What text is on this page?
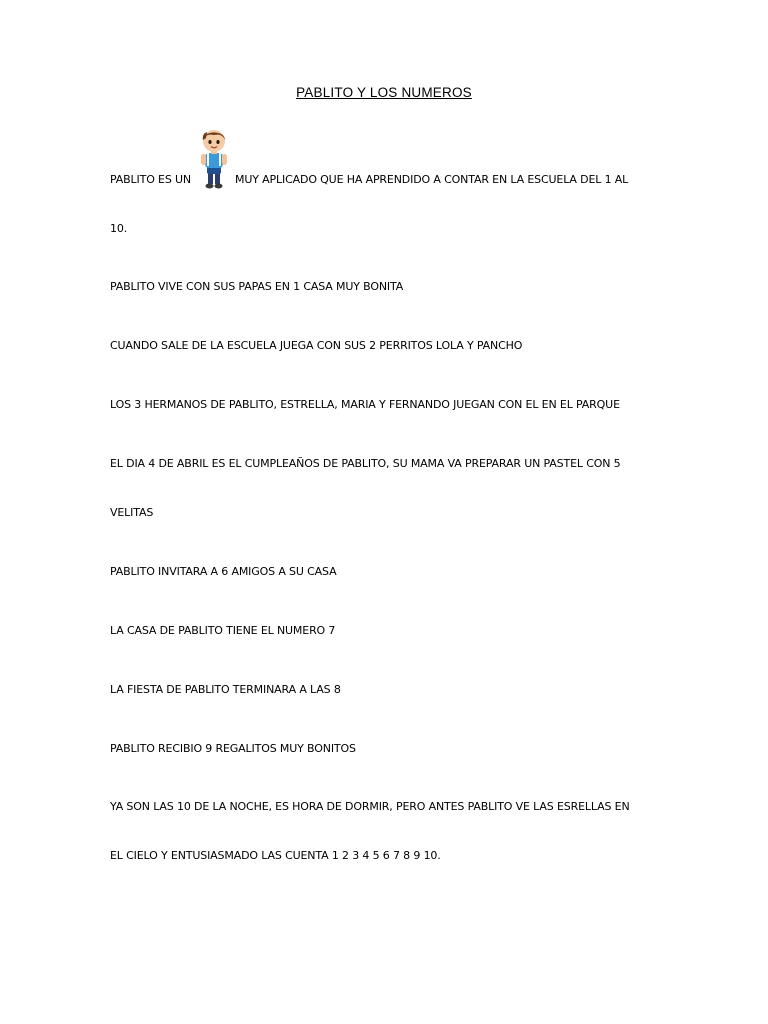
PABLITO Y LOS NUMEROS
PABLITO ES UN	MUY APLICADO QUE HA APRENDIDO A CONTAR EN LA ESCUELA DEL 1 AL
10.
PABLITO VIVE CON SUS PAPAS EN 1 CASA MUY BONITA
CUANDO SALE DE LA ESCUELA JUEGA CON SUS 2 PERRITOS LOLA Y PANCHO
LOS 3 HERMANOS DE PABLITO, ESTRELLA, MARIA Y FERNANDO JUEGAN CON EL EN EL PARQUE
EL DIA 4 DE ABRIL ES EL CUMPLEAÑOS DE PABLITO, SU MAMA VA PREPARAR UN PASTEL CON 5
VELITAS
PABLITO INVITARA A 6 AMIGOS A SU CASA
LA CASA DE PABLITO TIENE EL NUMERO 7
LA FIESTA DE PABLITO TERMINARA A LAS 8
PABLITO RECIBIO 9 REGALITOS MUY BONITOS
YA SON LAS 10 DE LA NOCHE, ES HORA DE DORMIR, PERO ANTES PABLITO VE LAS ESRELLAS EN
EL CIELO Y ENTUSIASMADO LAS CUENTA 1 2 3 4 5 6 7 8 9 10.
